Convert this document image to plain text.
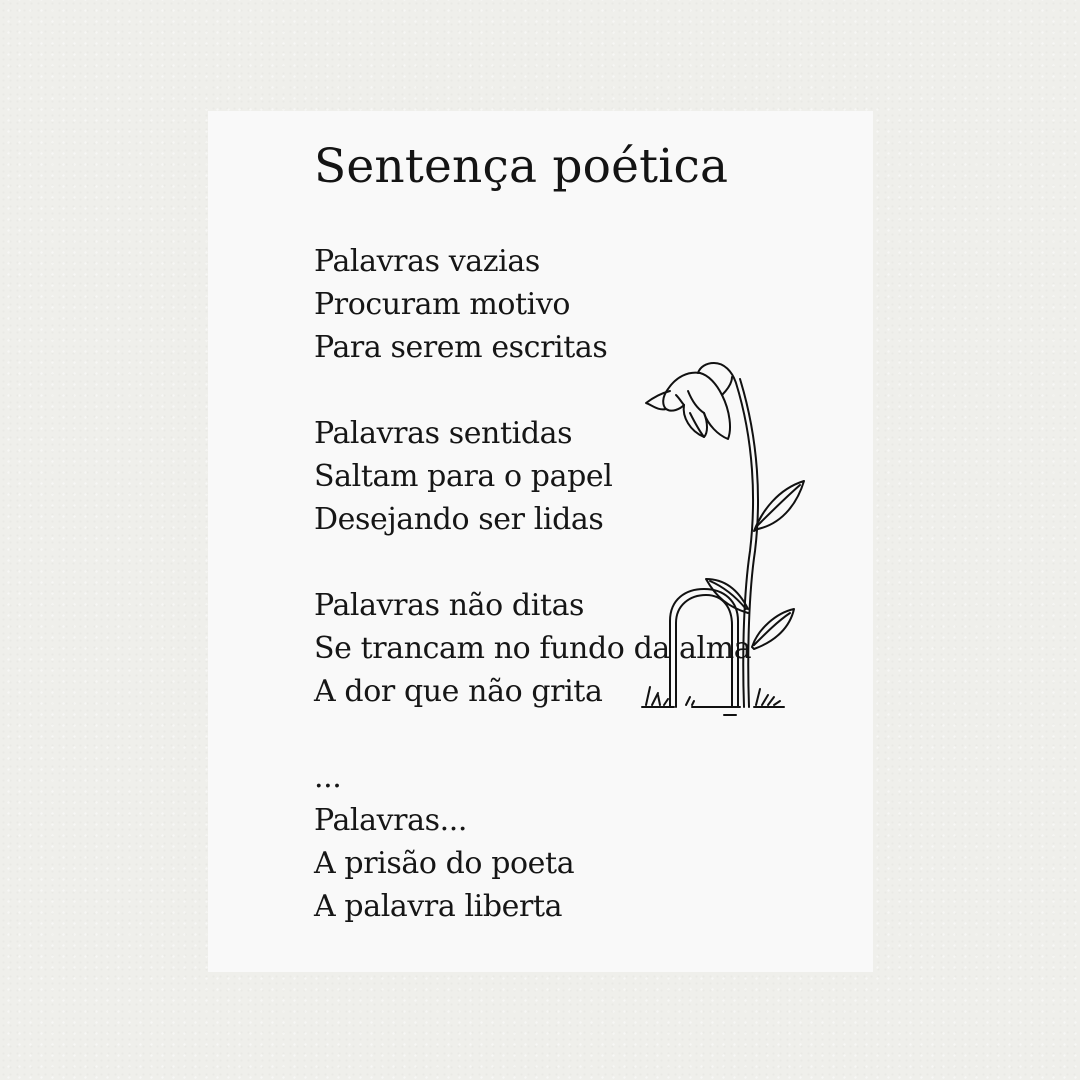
Sentença poética
Palavras vazias
Procuram motivo
Para serem escritas
Palavras sentidas
Saltam para o papel
Desejando ser lidas
Palavras não ditas
Se trancam no fundo da alma
A dor que não grita
...
Palavras...
A prisão do poeta
A palavra liberta
